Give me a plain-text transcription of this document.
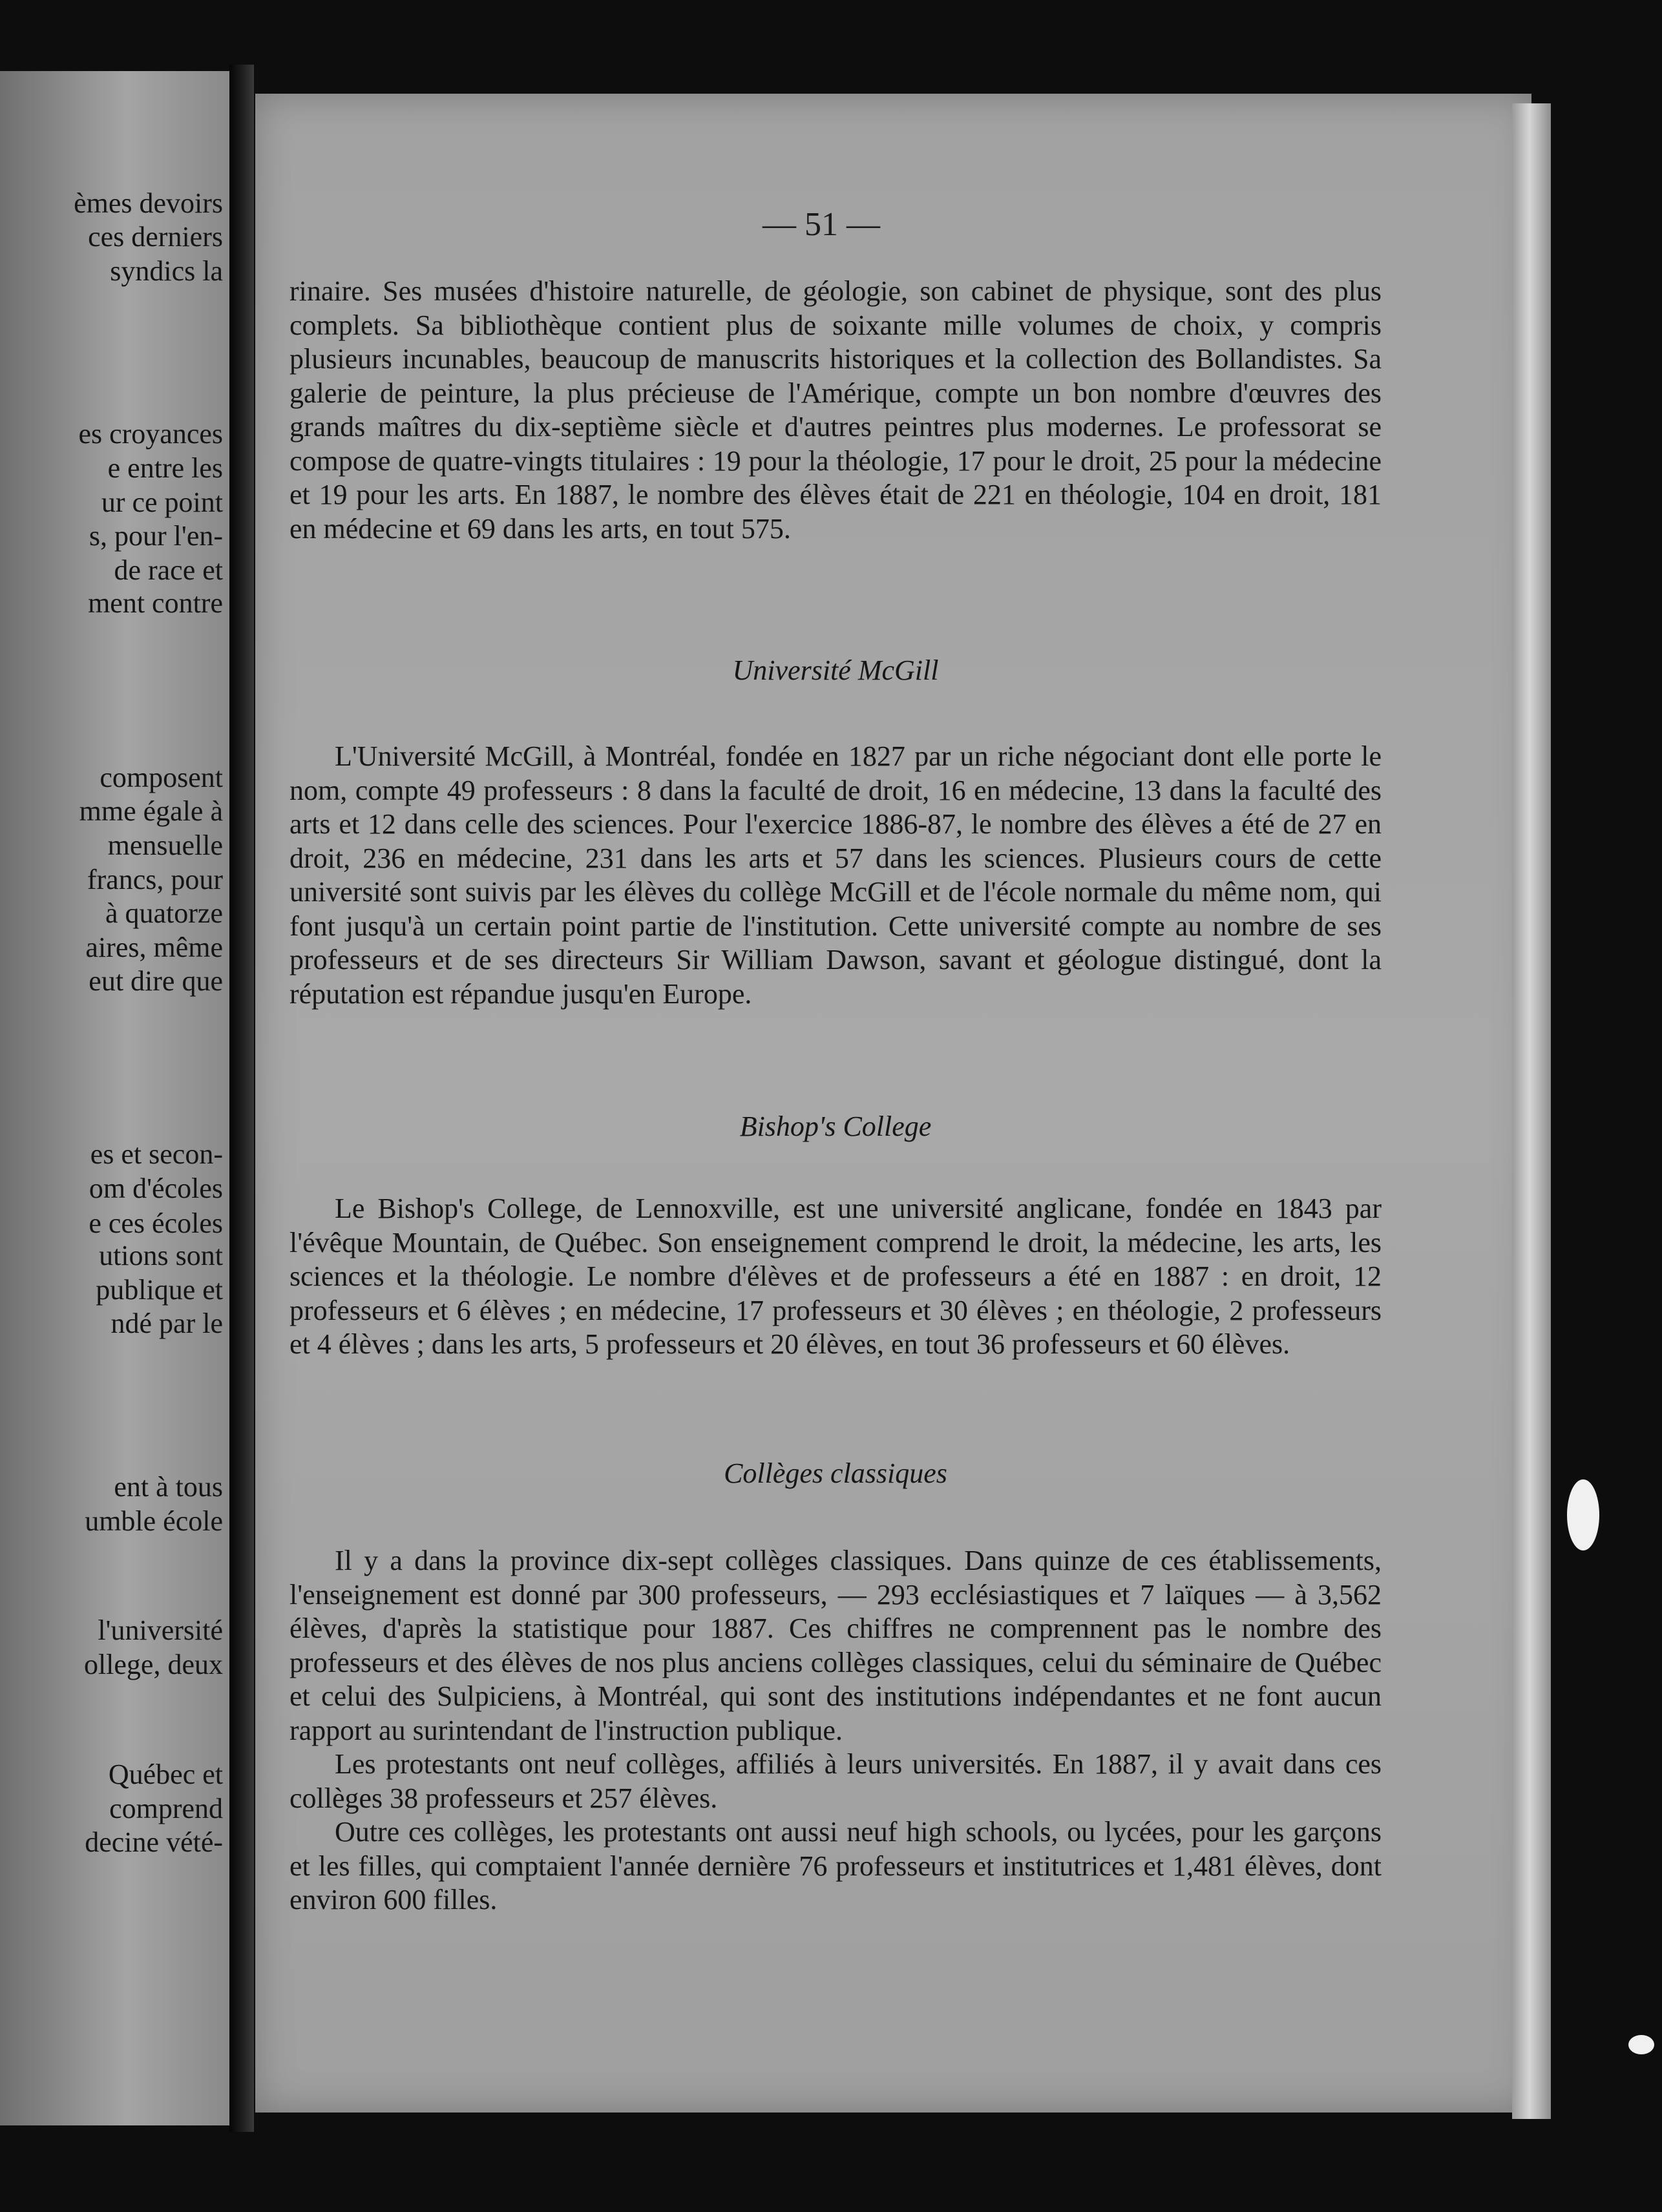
èmes devoirs
ces derniers
syndics la
es croyances
e entre les
ur ce point
s, pour l'en-
de race et
ment contre
composent
mme égale à
mensuelle
francs, pour
à quatorze
aires, même
eut dire que
es et secon-
om d'écoles
e ces écoles
utions sont
publique et
ndé par le
ent à tous
umble école
l'université
ollege, deux
Québec et
comprend
decine vété-
— 51 —

rinaire. Ses musées d'histoire naturelle, de géologie, son cabinet de physique, sont des plus complets. Sa bibliothèque contient plus de soixante mille volumes de choix, y compris plusieurs incunables, beaucoup de manuscrits historiques et la collection des Bollandistes. Sa galerie de peinture, la plus précieuse de l'Amérique, compte un bon nombre d'œuvres des grands maîtres du dix-septième siècle et d'autres peintres plus modernes. Le professorat se compose de quatre-vingts titulaires : 19 pour la théologie, 17 pour le droit, 25 pour la médecine et 19 pour les arts. En 1887, le nombre des élèves était de 221 en théologie, 104 en droit, 181 en médecine et 69 dans les arts, en tout 575.

Université McGill

L'Université McGill, à Montréal, fondée en 1827 par un riche négociant dont elle porte le nom, compte 49 professeurs : 8 dans la faculté de droit, 16 en médecine, 13 dans la faculté des arts et 12 dans celle des sciences. Pour l'exercice 1886-87, le nombre des élèves a été de 27 en droit, 236 en médecine, 231 dans les arts et 57 dans les sciences. Plusieurs cours de cette université sont suivis par les élèves du collège McGill et de l'école normale du même nom, qui font jusqu'à un certain point partie de l'institution. Cette université compte au nombre de ses professeurs et de ses directeurs Sir William Dawson, savant et géologue distingué, dont la réputation est répandue jusqu'en Europe.

Bishop's College

Le Bishop's College, de Lennoxville, est une université anglicane, fondée en 1843 par l'évêque Mountain, de Québec. Son enseignement comprend le droit, la médecine, les arts, les sciences et la théologie. Le nombre d'élèves et de professeurs a été en 1887 : en droit, 12 professeurs et 6 élèves ; en médecine, 17 professeurs et 30 élèves ; en théologie, 2 professeurs et 4 élèves ; dans les arts, 5 professeurs et 20 élèves, en tout 36 professeurs et 60 élèves.

Collèges classiques

Il y a dans la province dix-sept collèges classiques. Dans quinze de ces établissements, l'enseignement est donné par 300 professeurs, — 293 ecclésiastiques et 7 laïques — à 3,562 élèves, d'après la statistique pour 1887. Ces chiffres ne comprennent pas le nombre des professeurs et des élèves de nos plus anciens collèges classiques, celui du séminaire de Québec et celui des Sulpiciens, à Montréal, qui sont des institutions indépendantes et ne font aucun rapport au surintendant de l'instruction publique.

Les protestants ont neuf collèges, affiliés à leurs universités. En 1887, il y avait dans ces collèges 38 professeurs et 257 élèves.

Outre ces collèges, les protestants ont aussi neuf high schools, ou lycées, pour les garçons et les filles, qui comptaient l'année dernière 76 professeurs et institutrices et 1,481 élèves, dont environ 600 filles.
